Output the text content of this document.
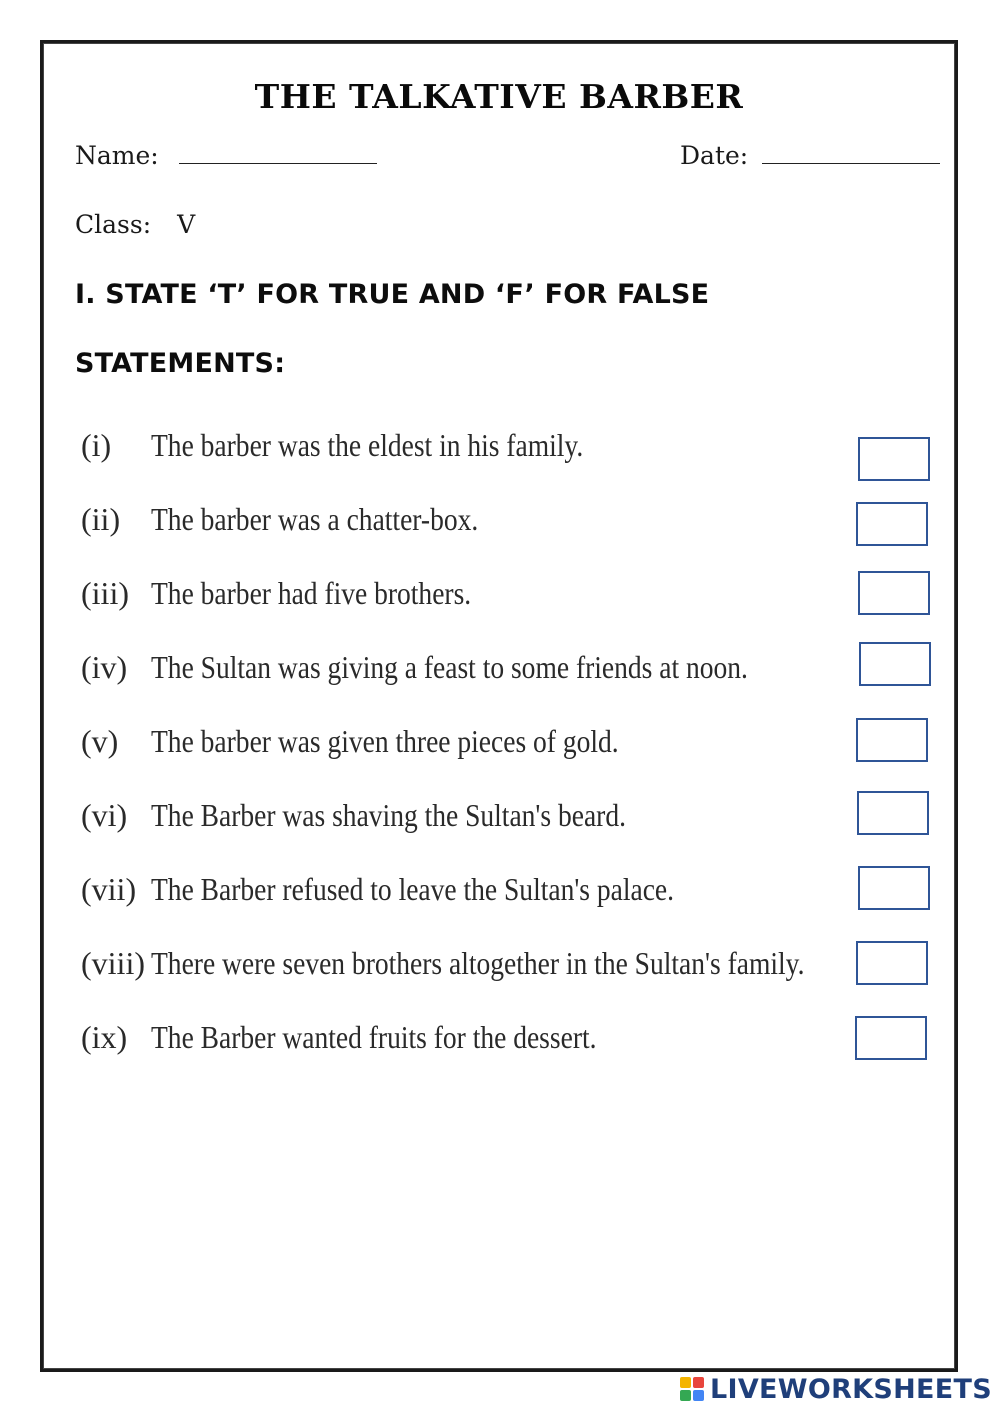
THE TALKATIVE BARBER
Name:	Date:
Class: V
I. STATE ‘T’ FOR TRUE AND ‘F’ FOR FALSE
STATEMENTS:
(i) The barber was the eldest in his family.
(ii) The barber was a chatter-box.
(iii) The barber had five brothers.
(iv) The Sultan was giving a feast to some friends at noon.
(v) The barber was given three pieces of gold.
(vi) The Barber was shaving the Sultan's beard.
(vii) The Barber refused to leave the Sultan's palace.
(viii) There were seven brothers altogether in the Sultan's family.
(ix) The Barber wanted fruits for the dessert.
LIVEWORKSHEETS
